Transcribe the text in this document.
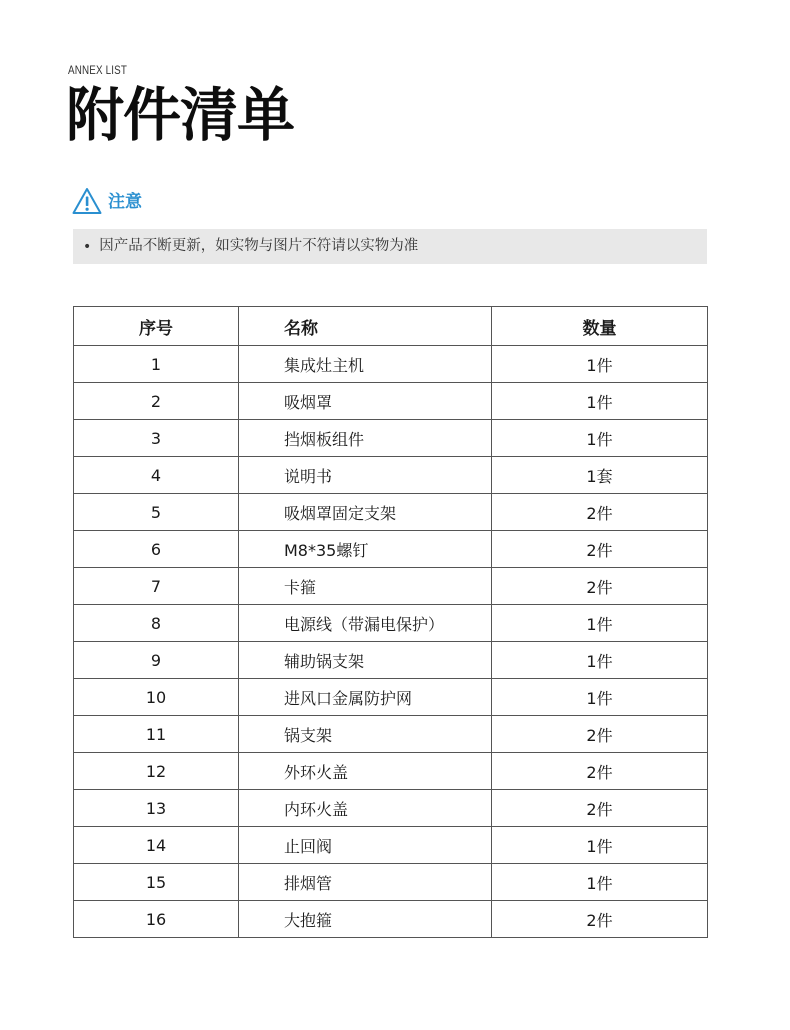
ANNEX LIST
附件清单
注意
• 因产品不断更新，如实物与图片不符请以实物为准
序号	名称	数量
1	集成灶主机	1件
2	吸烟罩	1件
3	挡烟板组件	1件
4	说明书	1套
5	吸烟罩固定支架	2件
6	M8*35螺钉	2件
7	卡箍	2件
8	电源线（带漏电保护）	1件
9	辅助锅支架	1件
10	进风口金属防护网	1件
11	锅支架	2件
12	外环火盖	2件
13	内环火盖	2件
14	止回阀	1件
15	排烟管	1件
16	大抱箍	2件
